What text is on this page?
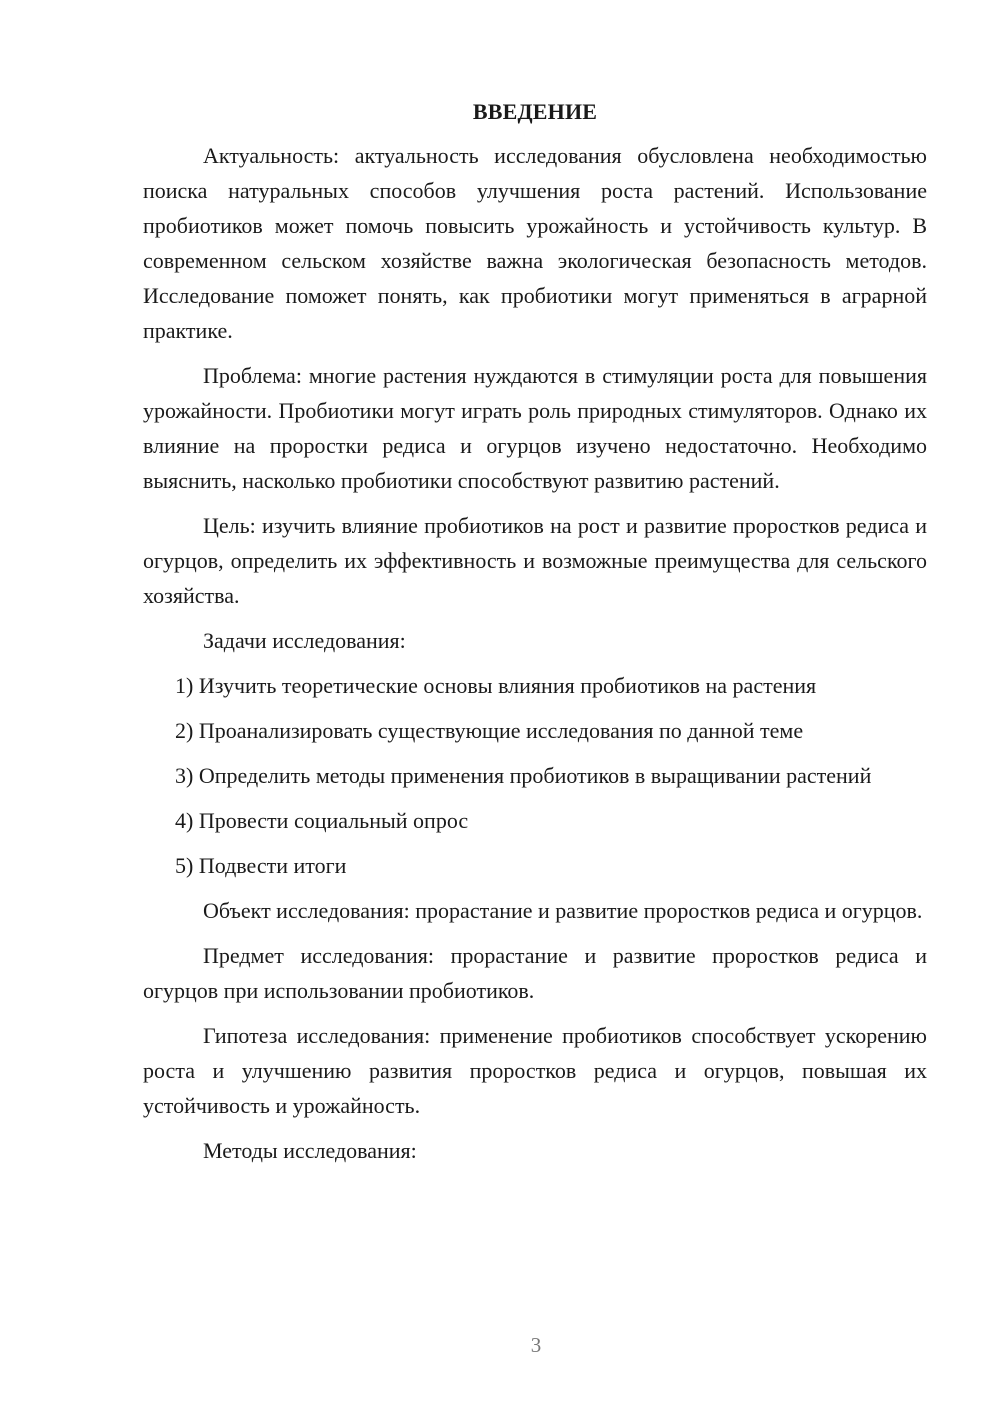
ВВЕДЕНИЕ

Актуальность: актуальность исследования обусловлена необходимостью поиска натуральных способов улучшения роста растений. Использование пробиотиков может помочь повысить урожайность и устойчивость культур. В современном сельском хозяйстве важна экологическая безопасность методов. Исследование поможет понять, как пробиотики могут применяться в аграрной практике.

Проблема: многие растения нуждаются в стимуляции роста для повышения урожайности. Пробиотики могут играть роль природных стимуляторов. Однако их влияние на проростки редиса и огурцов изучено недостаточно. Необходимо выяснить, насколько пробиотики способствуют развитию растений.

Цель: изучить влияние пробиотиков на рост и развитие проростков редиса и огурцов, определить их эффективность и возможные преимущества для сельского хозяйства.

Задачи исследования:

1) Изучить теоретические основы влияния пробиотиков на растения

2) Проанализировать существующие исследования по данной теме

3) Определить методы применения пробиотиков в выращивании растений

4) Провести социальный опрос

5) Подвести итоги

Объект исследования: прорастание и развитие проростков редиса и огурцов.

Предмет исследования: прорастание и развитие проростков редиса и огурцов при использовании пробиотиков.

Гипотеза исследования: применение пробиотиков способствует ускорению роста и улучшению развития проростков редиса и огурцов, повышая их устойчивость и урожайность.

Методы исследования:

3
